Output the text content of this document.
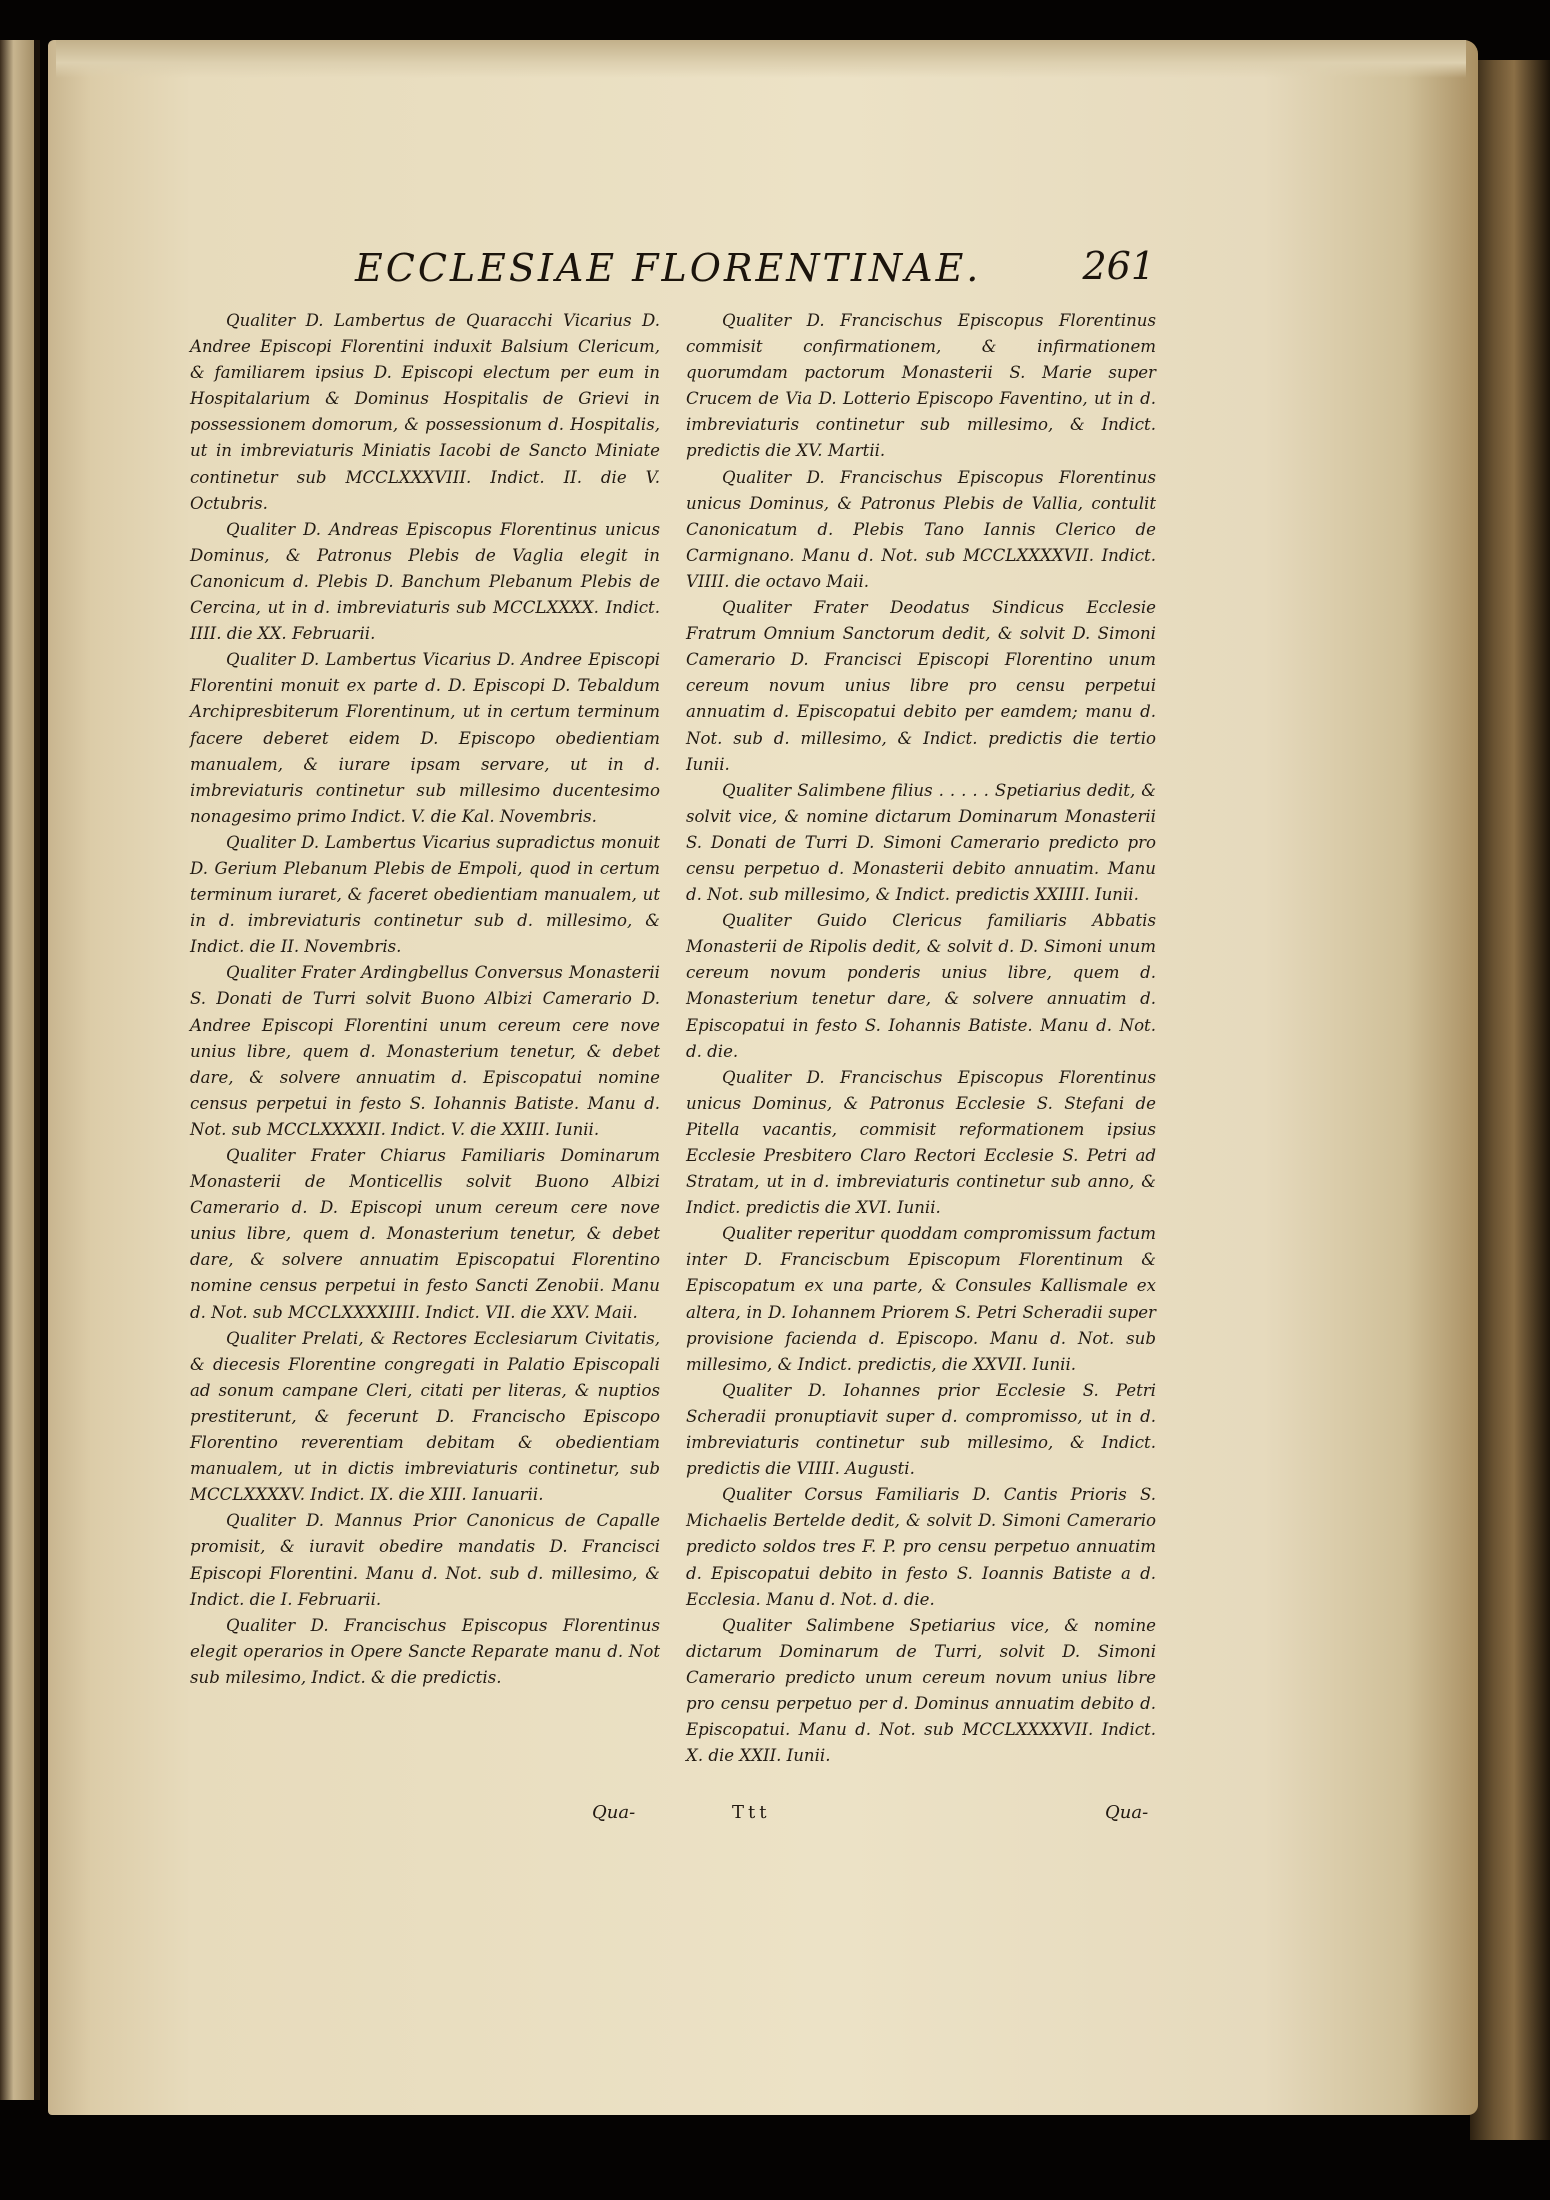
ECCLESIAE FLORENTINAE.	261

Qualiter D. Lambertus de Quaracchi Vicarius D. Andree Episcopi Florentini induxit Balsium Clericum, & familiarem ipsius D. Episcopi electum per eum in Hospitalarium & Dominus Hospitalis de Grievi in possessionem domorum, & possessionum d. Hospitalis, ut in imbreviaturis Miniatis Iacobi de Sancto Miniate continetur sub MCCLXXXVIII. Indict. II. die V. Octubris.

Qualiter D. Andreas Episcopus Florentinus unicus Dominus, & Patronus Plebis de Vaglia elegit in Canonicum d. Plebis D. Banchum Plebanum Plebis de Cercina, ut in d. imbreviaturis sub MCCLXXXX. Indict. IIII. die XX. Februarii.

Qualiter D. Lambertus Vicarius D. Andree Episcopi Florentini monuit ex parte d. D. Episcopi D. Tebaldum Archipresbiterum Florentinum, ut in certum terminum facere deberet eidem D. Episcopo obedientiam manualem, & iurare ipsam servare, ut in d. imbreviaturis continetur sub millesimo ducentesimo nonagesimo primo Indict. V. die Kal. Novembris.

Qualiter D. Lambertus Vicarius supradictus monuit D. Gerium Plebanum Plebis de Empoli, quod in certum terminum iuraret, & faceret obedientiam manualem, ut in d. imbreviaturis continetur sub d. millesimo, & Indict. die II. Novembris.

Qualiter Frater Ardingbellus Conversus Monasterii S. Donati de Turri solvit Buono Albizi Camerario D. Andree Episcopi Florentini unum cereum cere nove unius libre, quem d. Monasterium tenetur, & debet dare, & solvere annuatim d. Episcopatui nomine census perpetui in festo S. Iohannis Batiste. Manu d. Not. sub MCCLXXXXII. Indict. V. die XXIII. Iunii.

Qualiter Frater Chiarus Familiaris Dominarum Monasterii de Monticellis solvit Buono Albizi Camerario d. D. Episcopi unum cereum cere nove unius libre, quem d. Monasterium tenetur, & debet dare, & solvere annuatim Episcopatui Florentino nomine census perpetui in festo Sancti Zenobii. Manu d. Not. sub MCCLXXXXIIII. Indict. VII. die XXV. Maii.

Qualiter Prelati, & Rectores Ecclesiarum Civitatis, & diecesis Florentine congregati in Palatio Episcopali ad sonum campane Cleri, citati per literas, & nuptios prestiterunt, & fecerunt D. Francischo Episcopo Florentino reverentiam debitam & obedientiam manualem, ut in dictis imbreviaturis continetur, sub MCCLXXXXV. Indict. IX. die XIII. Ianuarii.

Qualiter D. Mannus Prior Canonicus de Capalle promisit, & iuravit obedire mandatis D. Francisci Episcopi Florentini. Manu d. Not. sub d. millesimo, & Indict. die I. Februarii.

Qualiter D. Francischus Episcopus Florentinus elegit operarios in Opere Sancte Reparate manu d. Not sub milesimo, Indict. & die predictis.

Qualiter D. Francischus Episcopus Florentinus commisit confirmationem, & infirmationem quorumdam pactorum Monasterii S. Marie super Crucem de Via D. Lotterio Episcopo Faventino, ut in d. imbreviaturis continetur sub millesimo, & Indict. predictis die XV. Martii.

Qualiter D. Francischus Episcopus Florentinus unicus Dominus, & Patronus Plebis de Vallia, contulit Canonicatum d. Plebis Tano Iannis Clerico de Carmignano. Manu d. Not. sub MCCLXXXXVII. Indict. VIIII. die octavo Maii.

Qualiter Frater Deodatus Sindicus Ecclesie Fratrum Omnium Sanctorum dedit, & solvit D. Simoni Camerario D. Francisci Episcopi Florentino unum cereum novum unius libre pro censu perpetui annuatim d. Episcopatui debito per eamdem; manu d. Not. sub d. millesimo, & Indict. predictis die tertio Iunii.

Qualiter Salimbene filius . . . . . Spetiarius dedit, & solvit vice, & nomine dictarum Dominarum Monasterii S. Donati de Turri D. Simoni Camerario predicto pro censu perpetuo d. Monasterii debito annuatim. Manu d. Not. sub millesimo, & Indict. predictis XXIIII. Iunii.

Qualiter Guido Clericus familiaris Abbatis Monasterii de Ripolis dedit, & solvit d. D. Simoni unum cereum novum ponderis unius libre, quem d. Monasterium tenetur dare, & solvere annuatim d. Episcopatui in festo S. Iohannis Batiste. Manu d. Not. d. die.

Qualiter D. Francischus Episcopus Florentinus unicus Dominus, & Patronus Ecclesie S. Stefani de Pitella vacantis, commisit reformationem ipsius Ecclesie Presbitero Claro Rectori Ecclesie S. Petri ad Stratam, ut in d. imbreviaturis continetur sub anno, & Indict. predictis die XVI. Iunii.

Qualiter reperitur quoddam compromissum factum inter D. Franciscbum Episcopum Florentinum & Episcopatum ex una parte, & Consules Kallismale ex altera, in D. Iohannem Priorem S. Petri Scheradii super provisione facienda d. Episcopo. Manu d. Not. sub millesimo, & Indict. predictis, die XXVII. Iunii.

Qualiter D. Iohannes prior Ecclesie S. Petri Scheradii pronuptiavit super d. compromisso, ut in d. imbreviaturis continetur sub millesimo, & Indict. predictis die VIIII. Augusti.

Qualiter Corsus Familiaris D. Cantis Prioris S. Michaelis Bertelde dedit, & solvit D. Simoni Camerario predicto soldos tres F. P. pro censu perpetuo annuatim d. Episcopatui debito in festo S. Ioannis Batiste a d. Ecclesia. Manu d. Not. d. die.

Qualiter Salimbene Spetiarius vice, & nomine dictarum Dominarum de Turri, solvit D. Simoni Camerario predicto unum cereum novum unius libre pro censu perpetuo per d. Dominus annuatim debito d. Episcopatui. Manu d. Not. sub MCCLXXXXVII. Indict. X. die XXII. Iunii.

Qua-	Ttt	Qua-
